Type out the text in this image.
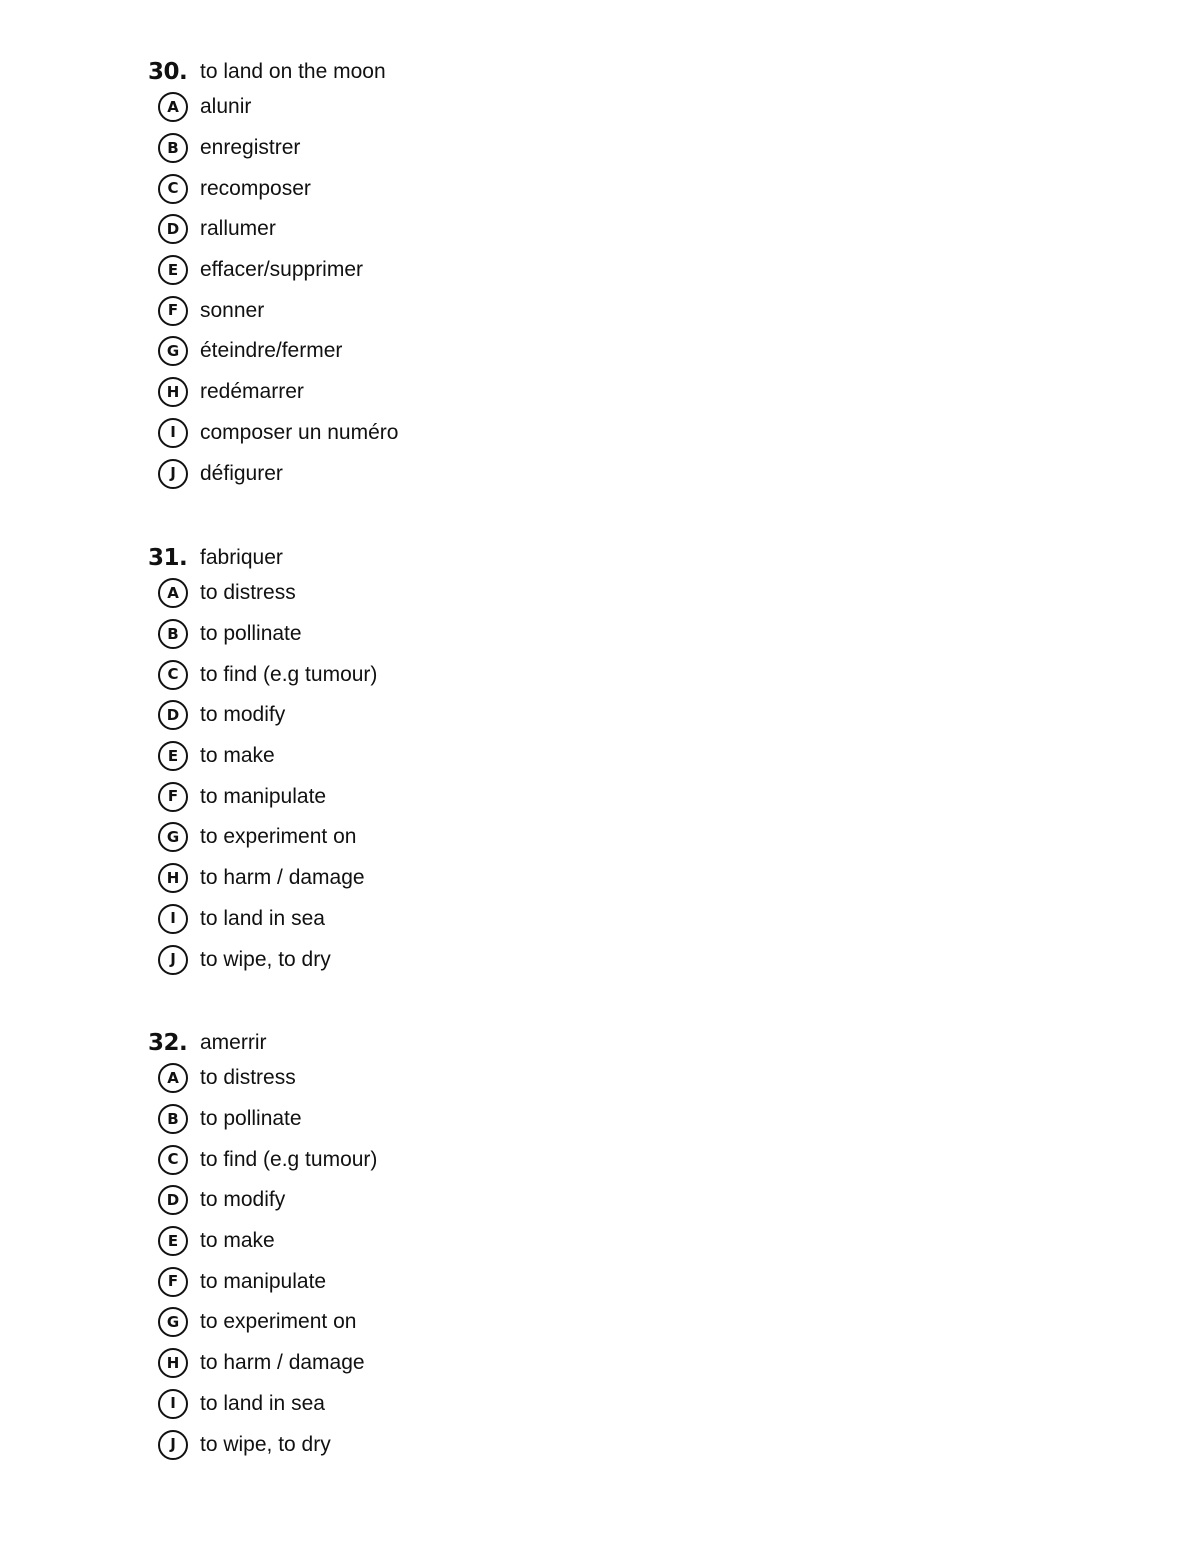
30. to land on the moon
A	alunir
B	enregistrer
C	recomposer
D rallumer
E	effacer/supprimer
F	sonner
G éteindre/fermer
H redémarrer
I	composer un numéro
J	défigurer
31. fabriquer
A	to distress
B	to pollinate
C	to find (e.g tumour)
D to modify
E	to make
F	to manipulate
G to experiment on
H to harm / damage
I	to land in sea
J	to wipe, to dry
32. amerrir
A	to distress
B	to pollinate
C	to find (e.g tumour)
D to modify
E	to make
F	to manipulate
G to experiment on
H to harm / damage
I	to land in sea
J	to wipe, to dry
